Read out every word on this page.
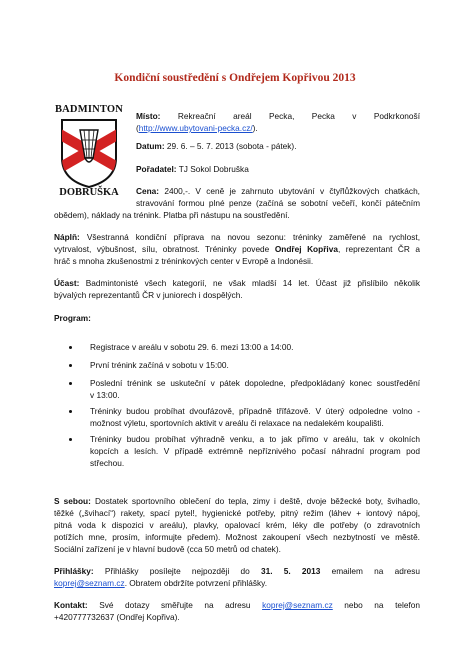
Kondiční soustředění s Ondřejem Kopřivou 2013
BADMINTON
DOBRUŠKA
Místo: Rekreační areál Pecka, Pecka v Podkrkonoší
(http://www.ubytovani-pecka.cz/).
Datum: 29. 6. – 5. 7. 2013 (sobota - pátek).
Pořadatel: TJ Sokol Dobruška
Cena: 2400,-. V ceně je zahrnuto ubytování v čtyřlůžkových chatkách,
stravování formou plné penze (začíná se sobotní večeří, končí pátečním
obědem), náklady na trénink. Platba při nástupu na soustředění.
Náplň: Všestranná kondiční příprava na novou sezonu: tréninky zaměřené na rychlost,
vytrvalost, výbušnost, sílu, obratnost. Tréninky povede Ondřej Kopřiva, reprezentant ČR a
hráč s mnoha zkušenostmi z tréninkových center v Evropě a Indonésii.
Účast: Badmintonisté všech kategorií, ne však mladší 14 let. Účast již přislíbilo několik
bývalých reprezentantů ČR v juniorech i dospělých.
Program:
Registrace v areálu v sobotu 29. 6. mezi 13:00 a 14:00.
První trénink začíná v sobotu v 15:00.
Poslední trénink se uskuteční v pátek dopoledne, předpokládaný konec soustředění
v 13:00.
Tréninky budou probíhat dvoufázově, případně třífázově. V úterý odpoledne volno -
možnost výletu, sportovních aktivit v areálu či relaxace na nedalekém koupališti.
Tréninky budou probíhat výhradně venku, a to jak přímo v areálu, tak v okolních
kopcích a lesích. V případě extrémně nepříznivého počasí náhradní program pod
střechou.
S sebou: Dostatek sportovního oblečení do tepla, zimy i deště, dvoje běžecké boty, švihadlo,
těžké („švihací“) rakety, spací pytel!, hygienické potřeby, pitný režim (láhev + iontový nápoj,
pitná voda k dispozici v areálu), plavky, opalovací krém, léky dle potřeby (o zdravotních
potížích mne, prosím, informujte předem). Možnost zakoupení všech nezbytností ve městě.
Sociální zařízení je v hlavní budově (cca 50 metrů od chatek).
Přihlášky: Přihlášky posílejte nejpozději do 31. 5. 2013 emailem na adresu
koprej@seznam.cz. Obratem obdržíte potvrzení přihlášky.
Kontakt: Své dotazy směřujte na adresu koprej@seznam.cz nebo na telefon
+420777732637 (Ondřej Kopřiva).
